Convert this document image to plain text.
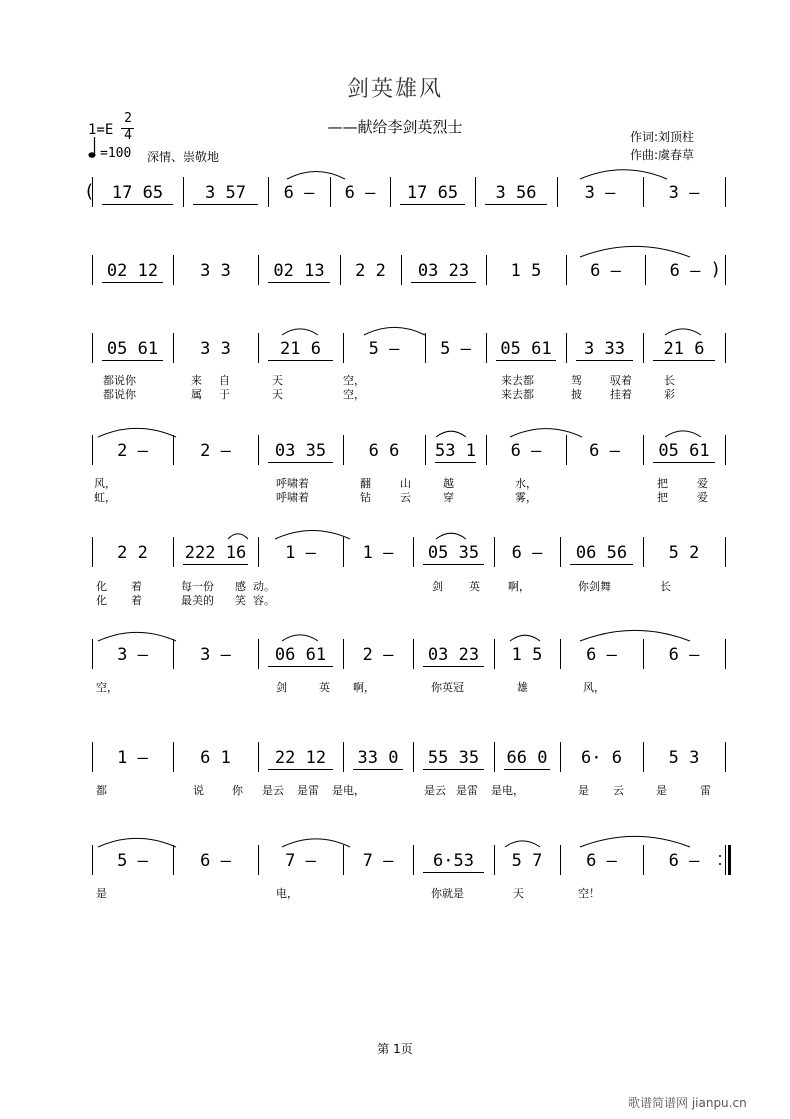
剑英雄风
——献给李剑英烈士
1=E
2
4
=100 深情、崇敬地
作词:刘顶柱
作曲:虞春草
第 1页
歌谱简谱网 jianpu.cn
(	1̇7 65	3 57	6 –	6 –	1̇7 65	3 56	3 –	3 –
)
02 12	3 3	02 13	2 2	03 23	1 5	6 –	6 –
05 61	3 3	21 6	5 –	5 –	05 61	3 33	21 6
都说你	来 自	天	空，	来去都	驾	驭着	长
都说你	属 于	天	空，	来去都	披	挂着	彩
2 –	2 –	03 35	6 6	53 1	6 –	6 –	05 61
风，	呼啸着	翻	山	越	水，	把	爱
虹，	呼啸着	钻	云	穿	雾，	把	爱
2 2	222 16	1 –	1 –	05 35	6 –	06 56	5 2
化 着	每一份 感 动。	剑 英	啊，	你剑舞	长
化 着	最美的 笑 容。
3 –	3 –	06 61	2 –	03 23	1 5	6 –	6 –
空，	剑	英 啊，	你英冠	雄	风，
1 –	6 1	22 12	33 0	55 35	66 0	6· 6	5 3
都	说	你 是云 是雷 是电，	是云 是雷 是电，	是 云	是	雷
5 –	6 –	7 –	7 –	6·53	5 7	6 –	6 –
是	电，	你就是	天	空！
